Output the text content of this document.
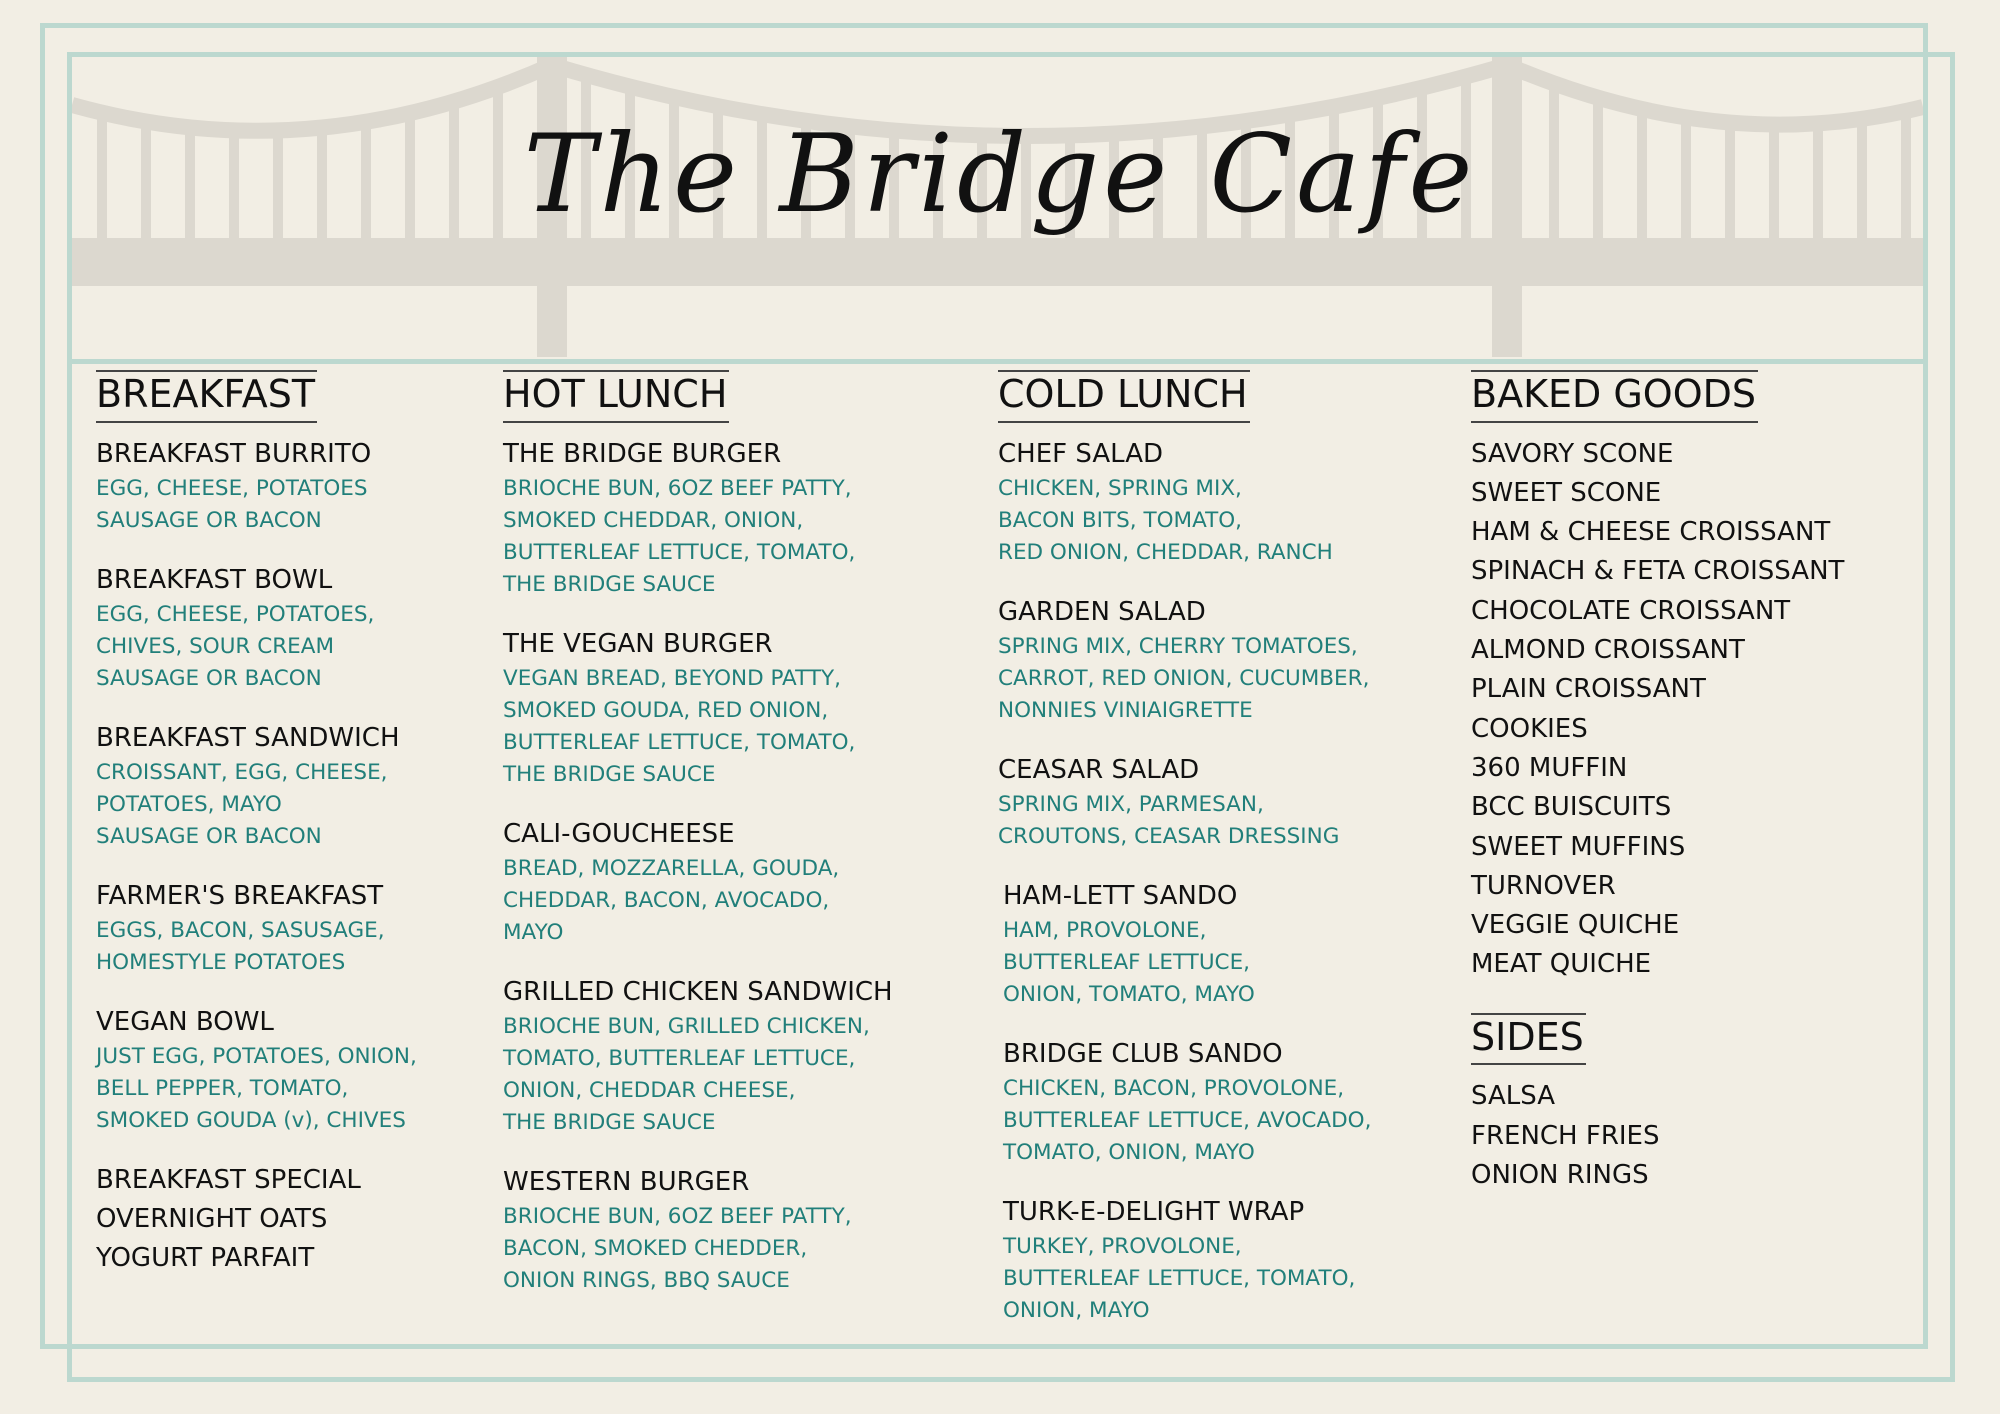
The Bridge Cafe
BREAKFAST
BREAKFAST BURRITO
EGG, CHEESE, POTATOES
SAUSAGE OR BACON
BREAKFAST BOWL
EGG, CHEESE, POTATOES,
CHIVES, SOUR CREAM
SAUSAGE OR BACON
BREAKFAST SANDWICH
CROISSANT, EGG, CHEESE,
POTATOES, MAYO
SAUSAGE OR BACON
FARMER'S BREAKFAST
EGGS, BACON, SASUSAGE,
HOMESTYLE POTATOES
VEGAN BOWL
JUST EGG, POTATOES, ONION,
BELL PEPPER, TOMATO,
SMOKED GOUDA (v), CHIVES
BREAKFAST SPECIAL
OVERNIGHT OATS
YOGURT PARFAIT
HOT LUNCH
THE BRIDGE BURGER
BRIOCHE BUN, 6OZ BEEF PATTY,
SMOKED CHEDDAR, ONION,
BUTTERLEAF LETTUCE, TOMATO,
THE BRIDGE SAUCE
THE VEGAN BURGER
VEGAN BREAD, BEYOND PATTY,
SMOKED GOUDA, RED ONION,
BUTTERLEAF LETTUCE, TOMATO,
THE BRIDGE SAUCE
CALI-GOUCHEESE
BREAD, MOZZARELLA, GOUDA,
CHEDDAR, BACON, AVOCADO,
MAYO
GRILLED CHICKEN SANDWICH
BRIOCHE BUN, GRILLED CHICKEN,
TOMATO, BUTTERLEAF LETTUCE,
ONION, CHEDDAR CHEESE,
THE BRIDGE SAUCE
WESTERN BURGER
BRIOCHE BUN, 6OZ BEEF PATTY,
BACON, SMOKED CHEDDER,
ONION RINGS, BBQ SAUCE
COLD LUNCH
CHEF SALAD
CHICKEN, SPRING MIX,
BACON BITS, TOMATO,
RED ONION, CHEDDAR, RANCH
GARDEN SALAD
SPRING MIX, CHERRY TOMATOES,
CARROT, RED ONION, CUCUMBER,
NONNIES VINIAIGRETTE
CEASAR SALAD
SPRING MIX, PARMESAN,
CROUTONS, CEASAR DRESSING
HAM-LETT SANDO
HAM, PROVOLONE,
BUTTERLEAF LETTUCE,
ONION, TOMATO, MAYO
BRIDGE CLUB SANDO
CHICKEN, BACON, PROVOLONE,
BUTTERLEAF LETTUCE, AVOCADO,
TOMATO, ONION, MAYO
TURK-E-DELIGHT WRAP
TURKEY, PROVOLONE,
BUTTERLEAF LETTUCE, TOMATO,
ONION, MAYO
BAKED GOODS
SAVORY SCONE
SWEET SCONE
HAM & CHEESE CROISSANT
SPINACH & FETA CROISSANT
CHOCOLATE CROISSANT
ALMOND CROISSANT
PLAIN CROISSANT
COOKIES
360 MUFFIN
BCC BUISCUITS
SWEET MUFFINS
TURNOVER
VEGGIE QUICHE
MEAT QUICHE
SIDES
SALSA
FRENCH FRIES
ONION RINGS
